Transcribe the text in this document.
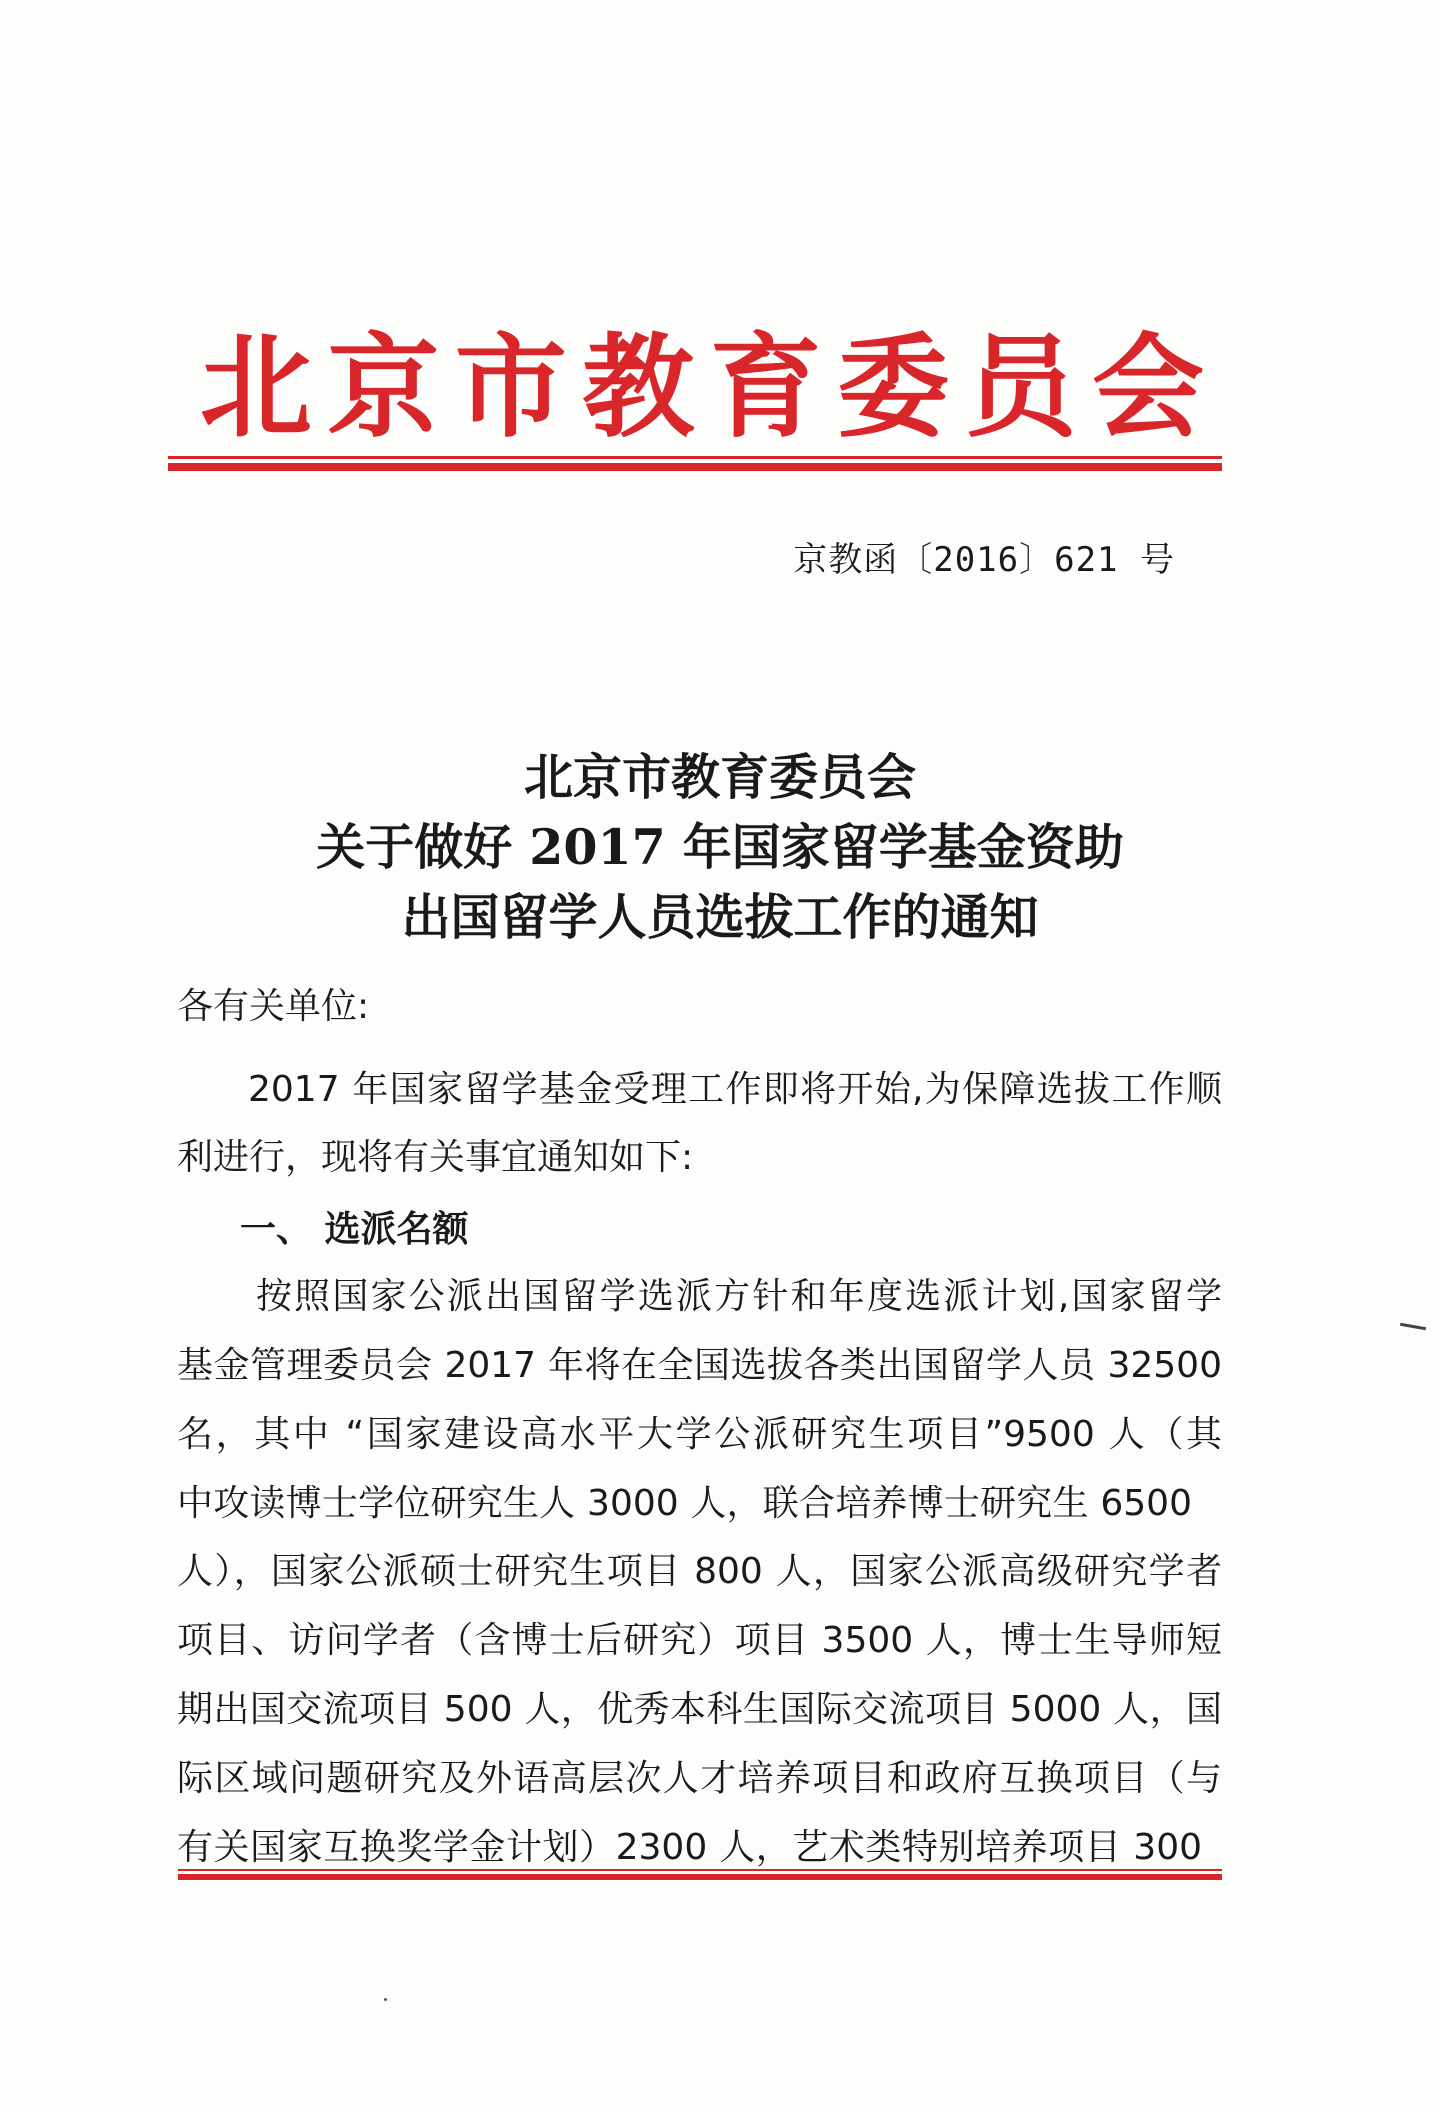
北京市教育委员会
京教函〔2016〕621 号
北京市教育委员会
关于做好 2017 年国家留学基金资助
出国留学人员选拔工作的通知
各有关单位:
2017 年国家留学基金受理工作即将开始,为保障选拔工作顺
利进行，现将有关事宜通知如下:
一、 选派名额
按照国家公派出国留学选派方针和年度选派计划,国家留学
基金管理委员会 2017 年将在全国选拔各类出国留学人员 32500
名，其中 “国家建设高水平大学公派研究生项目”9500 人（其
中攻读博士学位研究生人 3000 人，联合培养博士研究生 6500
人），国家公派硕士研究生项目 800 人，国家公派高级研究学者
项目、访问学者（含博士后研究）项目 3500 人，博士生导师短
期出国交流项目 500 人，优秀本科生国际交流项目 5000 人，国
际区域问题研究及外语高层次人才培养项目和政府互换项目（与
有关国家互换奖学金计划）2300 人，艺术类特别培养项目 300
